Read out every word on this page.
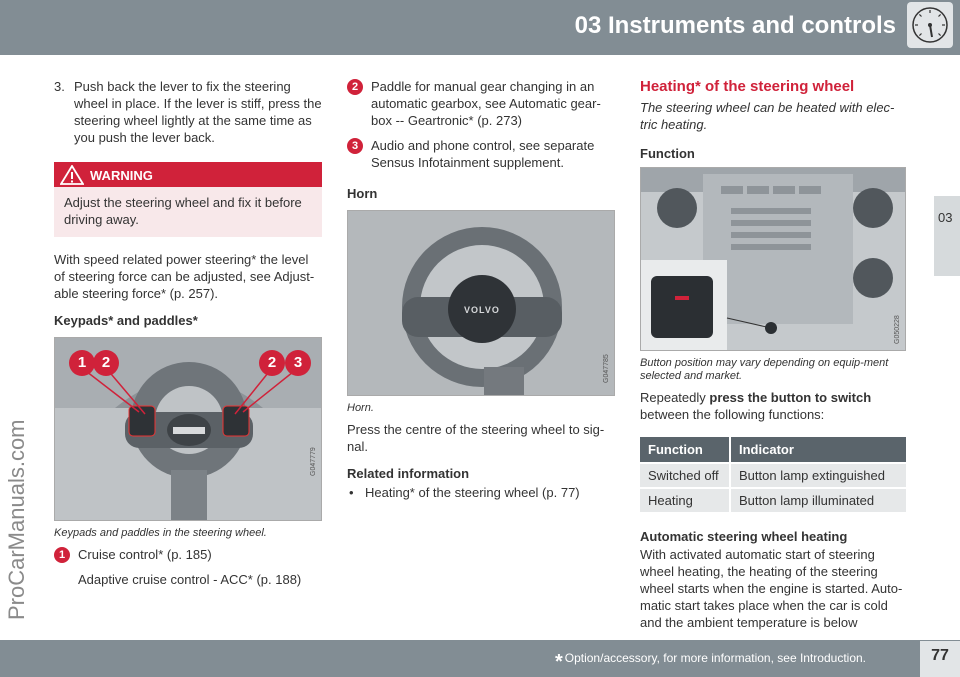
03 Instruments and controls
03
ProCarManuals.com
3. Push back the lever to fix the steering wheel in place. If the lever is stiff, press the steering wheel lightly at the same time as you push the lever back.
WARNING
Adjust the steering wheel and fix it before driving away.
With speed related power steering* the level of steering force can be adjusted, see Adjust-able steering force* (p. 257).
Keypads* and paddles*
1	2	2	3
G047779
Keypads and paddles in the steering wheel.
1 Cruise control* (p. 185)
Adaptive cruise control - ACC* (p. 188)
2 Paddle for manual gear changing in an automatic gearbox, see Automatic gear-box -- Geartronic* (p. 273)
3 Audio and phone control, see separate Sensus Infotainment supplement.
Horn
VOLVO
G047785
Horn.
Press the centre of the steering wheel to sig-nal.
Related information
• Heating* of the steering wheel (p. 77)
Heating* of the steering wheel
The steering wheel can be heated with elec-tric heating.
Function
G050228
Button position may vary depending on equip-ment selected and market.
Repeatedly press the button to switch
between the following functions:
Function	Indicator
Switched off	Button lamp extinguished
Heating	Button lamp illuminated
Automatic steering wheel heating
With activated automatic start of steering wheel heating, the heating of the steering wheel starts when the engine is started. Auto-matic start takes place when the car is cold and the ambient temperature is below
* Option/accessory, for more information, see Introduction.	77
